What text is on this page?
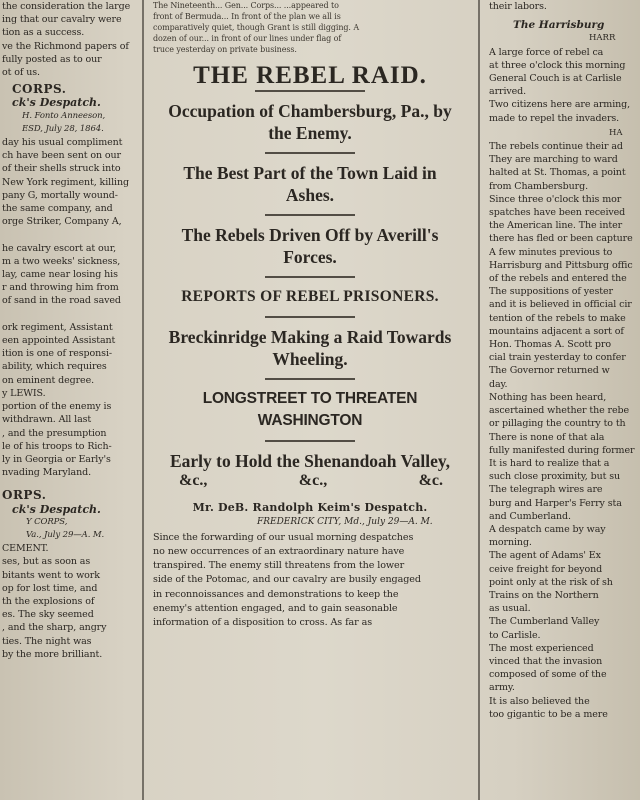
the consideration the large
ing that our cavalry were
tion as a success.
ve the Richmond papers of
fully posted as to our
ot of us.
CORPS.
ck's Despatch.
H. Fonto Anneeson,
ESD, July 28, 1864.
day his usual compliment
ch have been sent on our
of their shells struck into
New York regiment, killing
pany G, mortally wound-
the same company, and
orge Striker, Company A,

he cavalry escort at our,
m a two weeks' sickness,
lay, came near losing his
r and throwing him from
of sand in the road saved

ork regiment, Assistant
een appointed Assistant
ition is one of responsi-
ability, which requires
on eminent degree.
y LEWIS.
portion of the enemy is
withdrawn. All last
, and the presumption
le of his troops to Rich-
ly in Georgia or Early's
nvading Maryland.
ORPS.
ck's Despatch.
Y CORPS,
Va., July 29—A. M.
CEMENT.
ses, but as soon as
bitants went to work
op for lost time, and
th the explosions of
es. The sky seemed
, and the sharp, angry
ties. The night was
by the more brilliant.
The Nineteenth... Gen... Corps... ...appeared to
front of Bermuda... In front of the plan we all is
comparatively quiet, though Grant is still digging. A
dozen of our... in front of our lines under flag of
truce yesterday on private business.
THE REBEL RAID.
Occupation of Chambersburg, Pa., by the Enemy.
The Best Part of the Town Laid in Ashes.
The Rebels Driven Off by Averill's Forces.
REPORTS OF REBEL PRISONERS.
Breckinridge Making a Raid Towards Wheeling.
LONGSTREET TO THREATEN WASHINGTON
Early to Hold the Shenandoah Valley,
&c.,	&c.,	&c.
Mr. DeB. Randolph Keim's Despatch.
FREDERICK CITY, Md., July 29—A. M.
Since the forwarding of our usual morning despatches
no new occurrences of an extraordinary nature have
transpired. The enemy still threatens from the lower
side of the Potomac, and our cavalry are busily engaged
in reconnoissances and demonstrations to keep the
enemy's attention engaged, and to gain seasonable
information of a disposition to cross. As far as
their labors.
The Harrisburg
HARR
A large force of rebel ca
at three o'clock this morning
General Couch is at Carlisle
arrived.
Two citizens here are arming,
made to repel the invaders.
HA
The rebels continue their ad
They are marching to ward
halted at St. Thomas, a point
from Chambersburg.
Since three o'clock this mor
spatches have been received
the American line. The inter
there has fled or been capture
A few minutes previous to
Harrisburg and Pittsburg offic
of the rebels and entered the
The suppositions of yester
and it is believed in official cir
tention of the rebels to make
mountains adjacent a sort of
Hon. Thomas A. Scott pro
cial train yesterday to confer
The Governor returned w
day.
Nothing has been heard,
ascertained whether the rebe
or pillaging the country to th
There is none of that ala
fully manifested during former
It is hard to realize that a
such close proximity, but su
The telegraph wires are
burg and Harper's Ferry sta
and Cumberland.
A despatch came by way
morning.
The agent of Adams' Ex
ceive freight for beyond
point only at the risk of sh
Trains on the Northern
as usual.
The Cumberland Valley
to Carlisle.
The most experienced
vinced that the invasion
composed of some of the
army.
It is also believed the
too gigantic to be a mere
